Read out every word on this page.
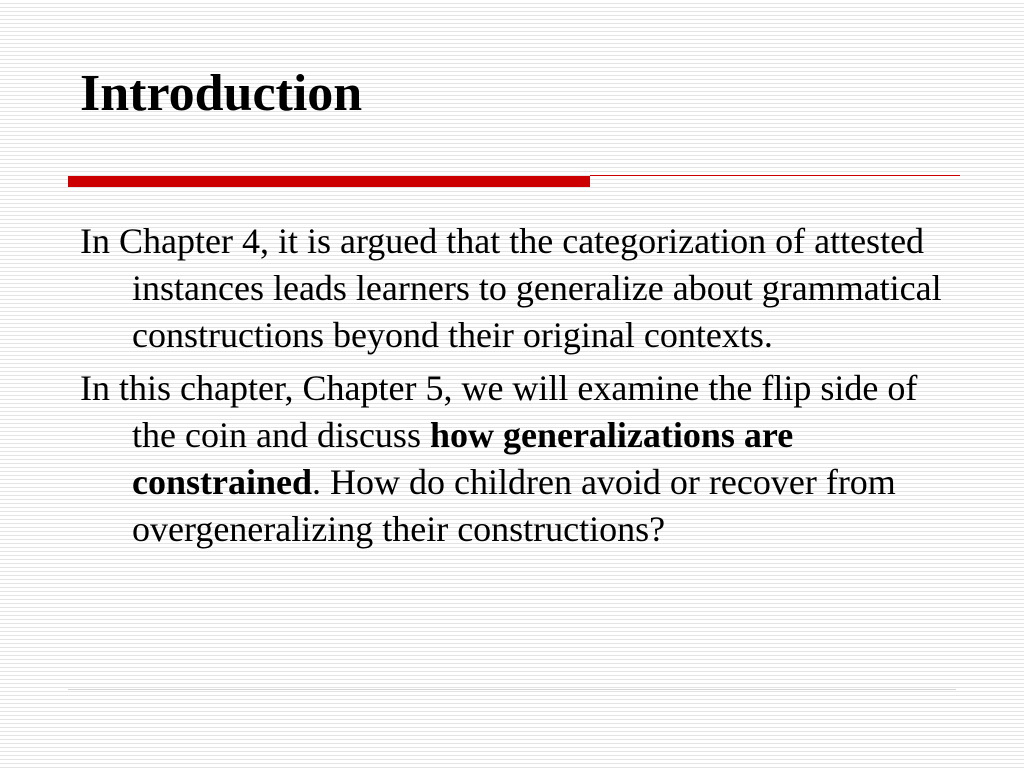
Introduction

In Chapter 4, it is argued that the categorization of attested instances leads learners to generalize about grammatical constructions beyond their original contexts.

In this chapter, Chapter 5, we will examine the flip side of the coin and discuss how generalizations are constrained. How do children avoid or recover from overgeneralizing their constructions?
